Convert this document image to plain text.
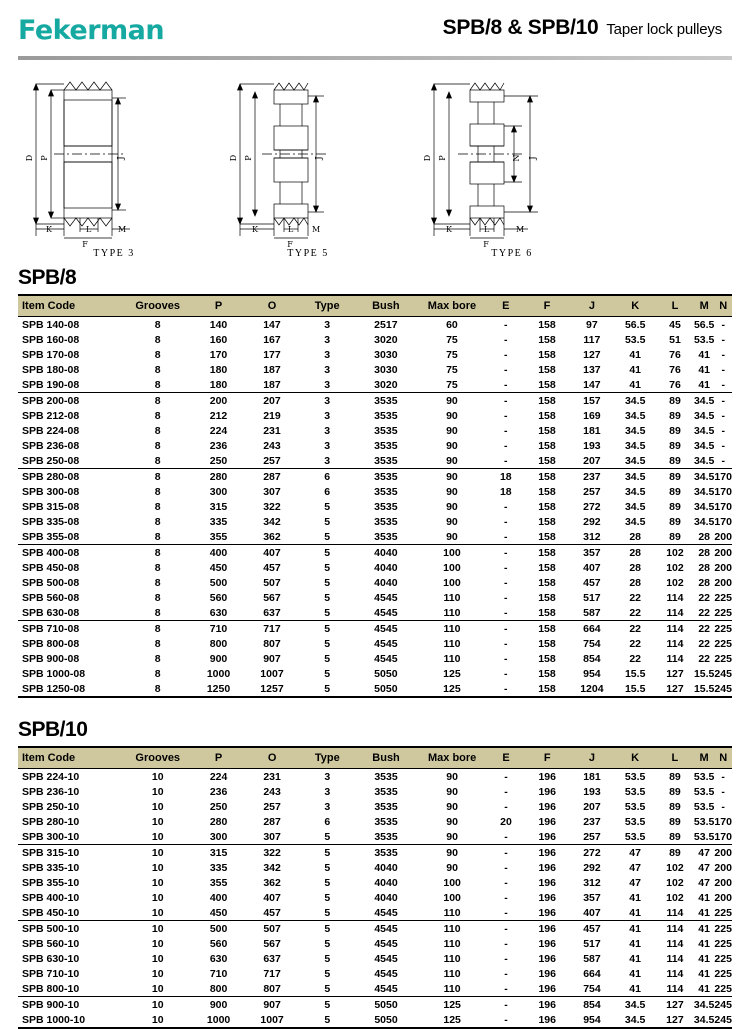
Fekerman	SPB/8 & SPB/10 Taper lock pulleys
D P	J
K	L	M
F
TYPE 3
D P	J
K	L M
F
TYPE 5
D P	N J
K	L	M
F
TYPE 6
SPB/8
Item Code	Grooves	P	O	Type	Bush	Max bore	E	F	J	K	L	M	N
SPB 140-08	8	140	147	3	2517	60	-	158	97	56.5	45	56.5	-
SPB 160-08	8	160	167	3	3020	75	-	158	117	53.5	51	53.5	-
SPB 170-08	8	170	177	3	3030	75	-	158	127	41	76	41	-
SPB 180-08	8	180	187	3	3030	75	-	158	137	41	76	41	-
SPB 190-08	8	180	187	3	3020	75	-	158	147	41	76	41	-
SPB 200-08	8	200	207	3	3535	90	-	158	157	34.5	89	34.5	-
SPB 212-08	8	212	219	3	3535	90	-	158	169	34.5	89	34.5	-
SPB 224-08	8	224	231	3	3535	90	-	158	181	34.5	89	34.5	-
SPB 236-08	8	236	243	3	3535	90	-	158	193	34.5	89	34.5	-
SPB 250-08	8	250	257	3	3535	90	-	158	207	34.5	89	34.5	-
SPB 280-08	8	280	287	6	3535	90	18	158	237	34.5	89	34.5	170
SPB 300-08	8	300	307	6	3535	90	18	158	257	34.5	89	34.5	170
SPB 315-08	8	315	322	5	3535	90	-	158	272	34.5	89	34.5	170
SPB 335-08	8	335	342	5	3535	90	-	158	292	34.5	89	34.5	170
SPB 355-08	8	355	362	5	3535	90	-	158	312	28	89	28	200
SPB 400-08	8	400	407	5	4040	100	-	158	357	28	102	28	200
SPB 450-08	8	450	457	5	4040	100	-	158	407	28	102	28	200
SPB 500-08	8	500	507	5	4040	100	-	158	457	28	102	28	200
SPB 560-08	8	560	567	5	4545	110	-	158	517	22	114	22	225
SPB 630-08	8	630	637	5	4545	110	-	158	587	22	114	22	225
SPB 710-08	8	710	717	5	4545	110	-	158	664	22	114	22	225
SPB 800-08	8	800	807	5	4545	110	-	158	754	22	114	22	225
SPB 900-08	8	900	907	5	4545	110	-	158	854	22	114	22	225
SPB 1000-08	8	1000	1007	5	5050	125	-	158	954	15.5	127	15.5	245
SPB 1250-08	8	1250	1257	5	5050	125	-	158	1204	15.5	127	15.5	245
SPB/10
Item Code	Grooves	P	O	Type	Bush	Max bore	E	F	J	K	L	M	N
SPB 224-10	10	224	231	3	3535	90	-	196	181	53.5	89	53.5	-
SPB 236-10	10	236	243	3	3535	90	-	196	193	53.5	89	53.5	-
SPB 250-10	10	250	257	3	3535	90	-	196	207	53.5	89	53.5	-
SPB 280-10	10	280	287	6	3535	90	20	196	237	53.5	89	53.5	170
SPB 300-10	10	300	307	5	3535	90	-	196	257	53.5	89	53.5	170
SPB 315-10	10	315	322	5	3535	90	-	196	272	47	89	47	200
SPB 335-10	10	335	342	5	4040	90	-	196	292	47	102	47	200
SPB 355-10	10	355	362	5	4040	100	-	196	312	47	102	47	200
SPB 400-10	10	400	407	5	4040	100	-	196	357	41	102	41	200
SPB 450-10	10	450	457	5	4545	110	-	196	407	41	114	41	225
SPB 500-10	10	500	507	5	4545	110	-	196	457	41	114	41	225
SPB 560-10	10	560	567	5	4545	110	-	196	517	41	114	41	225
SPB 630-10	10	630	637	5	4545	110	-	196	587	41	114	41	225
SPB 710-10	10	710	717	5	4545	110	-	196	664	41	114	41	225
SPB 800-10	10	800	807	5	4545	110	-	196	754	41	114	41	225
SPB 900-10	10	900	907	5	5050	125	-	196	854	34.5	127	34.5	245
SPB 1000-10	10	1000	1007	5	5050	125	-	196	954	34.5	127	34.5	245
